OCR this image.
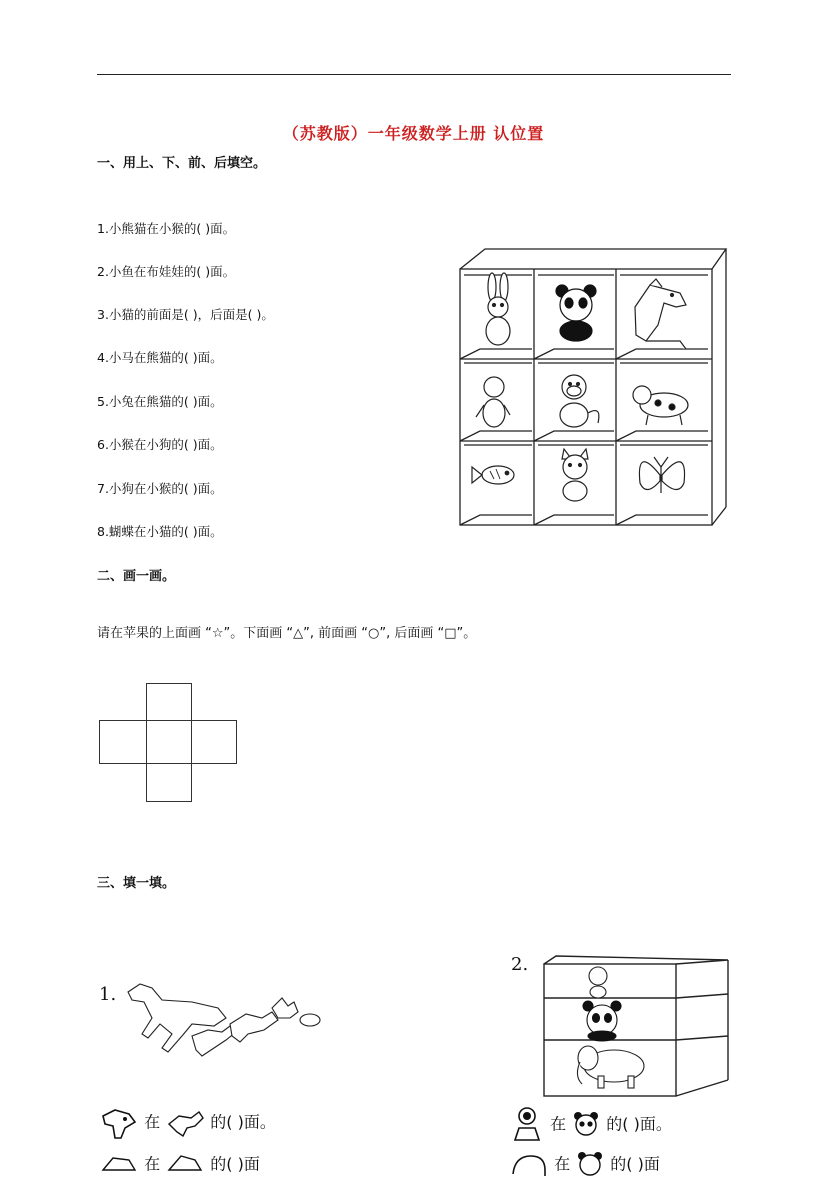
（苏教版）一年级数学上册 认位置
一、用上、下、前、后填空。
1.小熊猫在小猴的( )面。
2.小鱼在布娃娃的( )面。
3.小猫的前面是( )，后面是( )。
4.小马在熊猫的( )面。
5.小兔在熊猫的( )面。
6.小猴在小狗的( )面。
7.小狗在小猴的( )面。
8.蝴蝶在小猫的( )面。
二、画一画。
请在苹果的上面画 “☆”。下面画 “△”, 前面画 “○”, 后面画 “□”。
三、填一填。
1.
2.
在	的( )面。
在	的( )面
在	的( )面。
在	的( )面
